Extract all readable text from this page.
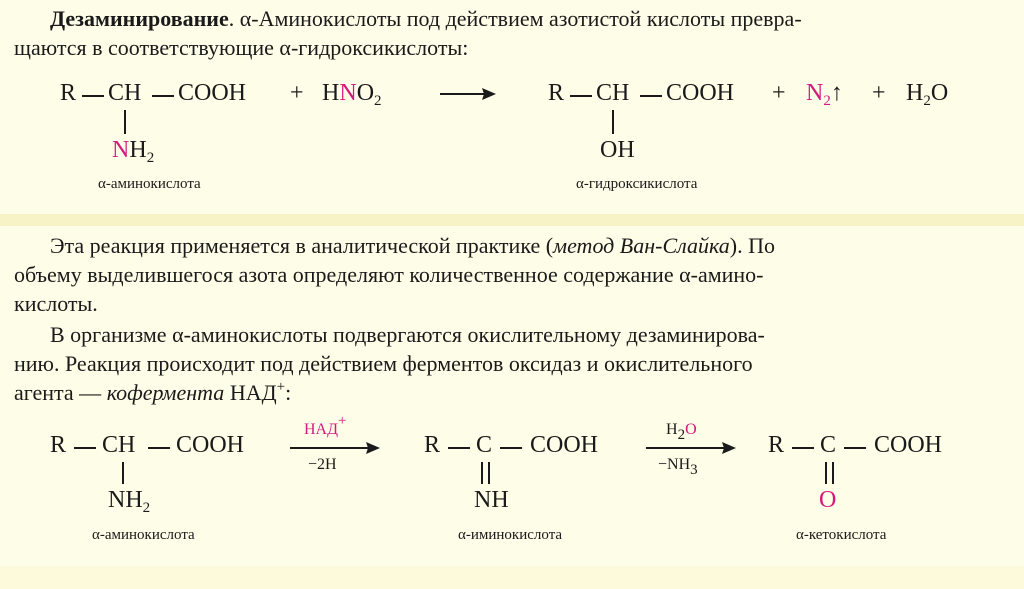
Дезаминирование. α-Аминокислоты под действием азотистой кислоты превра-
щаются в соответствующие α-гидроксикислоты:
R CH COOH
$NH_2$
α-аминокислота
+ $HNO_2$	R CH COOH
OH
α-гидроксикислота
+ $N_2↑ + H_2O$
Эта реакция применяется в аналитической практике (метод Ван-Слайка). По
объему выделившегося азота определяют количественное содержание α-амино-
кислоты.
В организме α-аминокислоты подвергаются окислительному дезаминирова-
нию. Реакция происходит под действием ферментов оксидаз и окислительного
агента — кофермента НАД+:
R CH COOH
$NH_2$
α-аминокислота
НАД+
−2H
R C COOH
NH
α-иминокислота
$H_2O$
$-NH_3$
R C COOH
O
α-кетокислота
